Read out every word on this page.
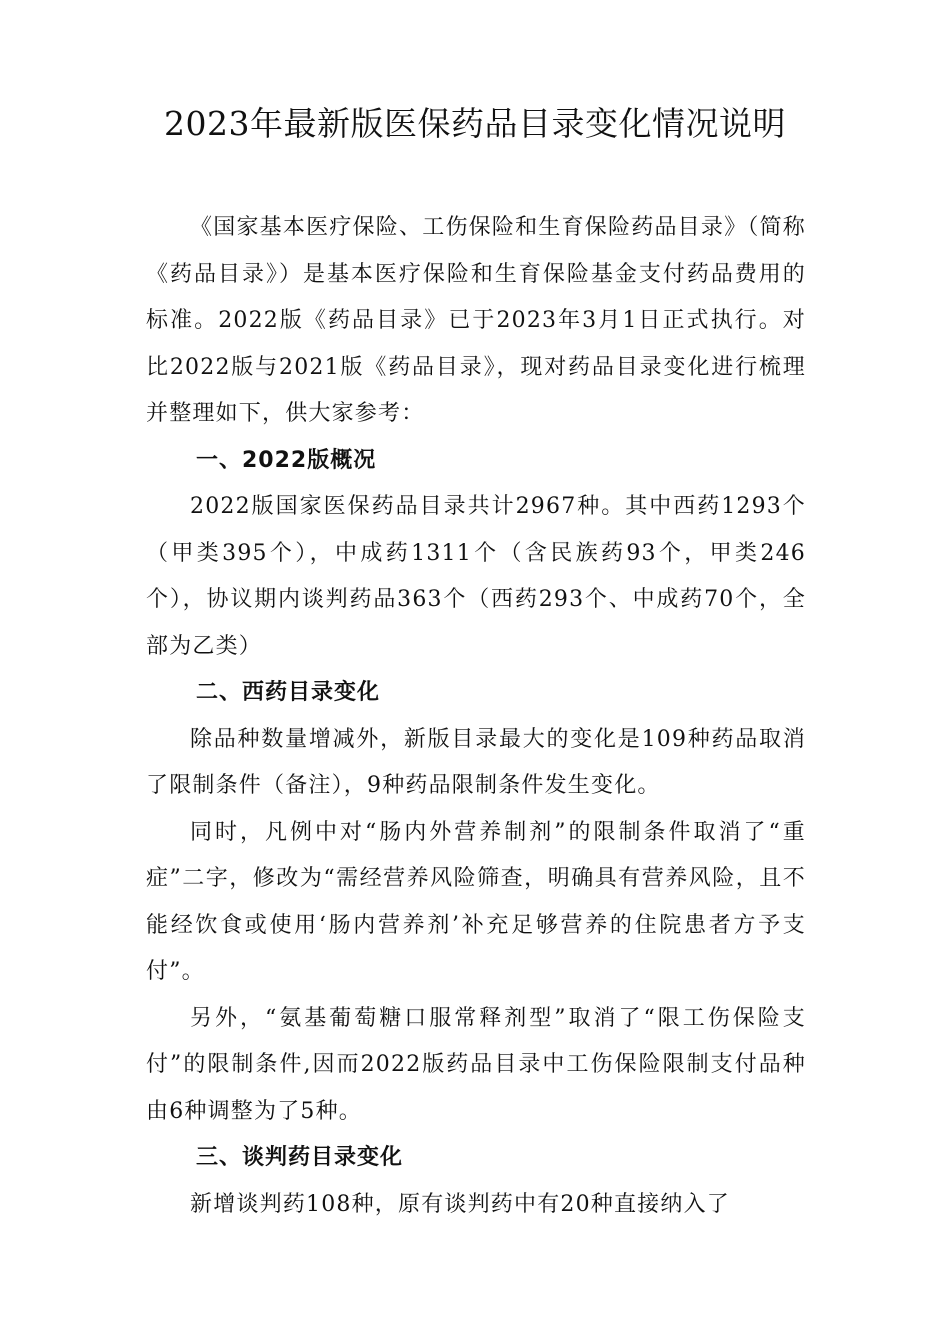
2023年最新版医保药品目录变化情况说明

《国家基本医疗保险、工伤保险和生育保险药品目录》（简称《药品目录》）是基本医疗保险和生育保险基金支付药品费用的标准。2022版《药品目录》已于2023年3月1日正式执行。对比2022版与2021版《药品目录》，现对药品目录变化进行梳理并整理如下，供大家参考：

一、2022版概况

2022版国家医保药品目录共计2967种。其中西药1293个（甲类395个），中成药1311个（含民族药93个，甲类246个），协议期内谈判药品363个（西药293个、中成药70个，全部为乙类）

二、西药目录变化

除品种数量增减外，新版目录最大的变化是109种药品取消了限制条件（备注），9种药品限制条件发生变化。

同时，凡例中对“肠内外营养制剂”的限制条件取消了“重症”二字，修改为“需经营养风险筛查，明确具有营养风险，且不能经饮食或使用‘肠内营养剂’补充足够营养的住院患者方予支付”。

另外，“氨基葡萄糖口服常释剂型”取消了“限工伤保险支付”的限制条件,因而2022版药品目录中工伤保险限制支付品种由6种调整为了5种。

三、谈判药目录变化

新增谈判药108种，原有谈判药中有20种直接纳入了
